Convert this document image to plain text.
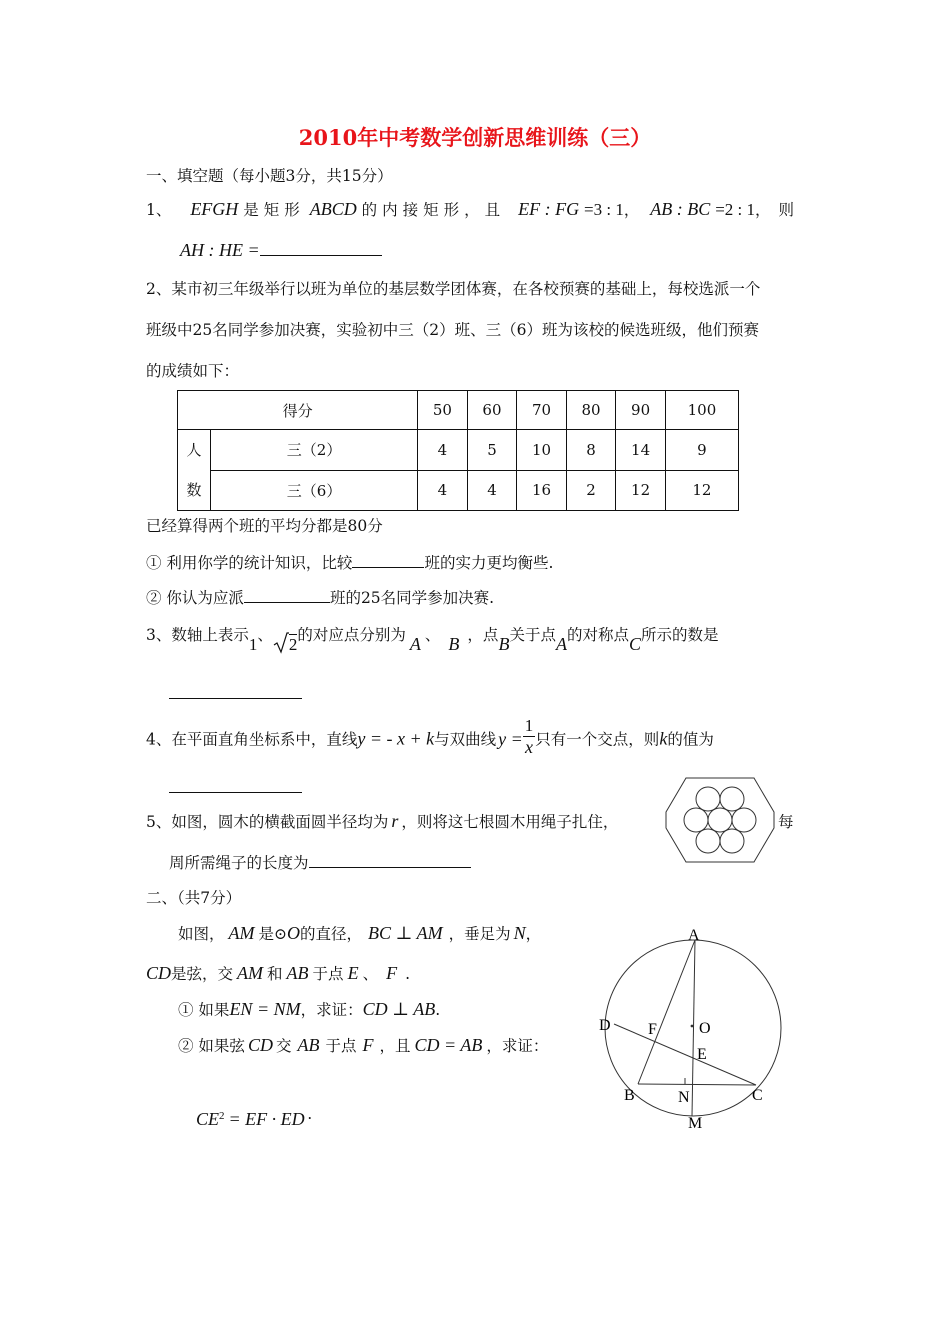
2010年中考数学创新思维训练（三）
一、填空题（每小题3分，共15分）
1、 EFGH 是矩形 ABCD 的内接矩形，且 EF : FG =3 : 1， AB : BC =2 : 1，则
AH : HE =
2、某市初三年级举行以班为单位的基层数学团体赛，在各校预赛的基础上，每校选派一个
班级中25名同学参加决赛，实验初中三（2）班、三（6）班为该校的候选班级，他们预赛
的成绩如下：
得分		50	60	70	80	90	100

人
数	三（2）	4	5	10	8	14	9
	三（6）	4	4	16	2	12	12
已经算得两个班的平均分都是80分
① 利用你学的统计知识，比较	班的实力更均衡些.
② 你认为应派	班的25名同学参加决赛.
3、数轴上表示1、 2的对应点分别为 A 、 B ，点B关于点A的对称点C所示的数是
4、在平面直角坐标系中，直线y = - x + k与双曲线 $y = \frac{1}{x}$ 只有一个交点，则k的值为
5、如图，圆木的横截面圆半径均为 r ，则将这七根圆木用绳子扎住，	每
周所需绳子的长度为
二、（共7分）
如图， AM 是⊙O的直径， BC ⊥ AM ，垂足为 N，
CD是弦，交 AM 和 AB 于点 E 、 F .
① 如果EN = NM，求证：CD ⊥ AB.
② 如果弦 CD 交 AB 于点 F ，且 CD = AB ，求证：
$CE^2$ = EF · ED .
A
D F	O
E
B	N	C
M
